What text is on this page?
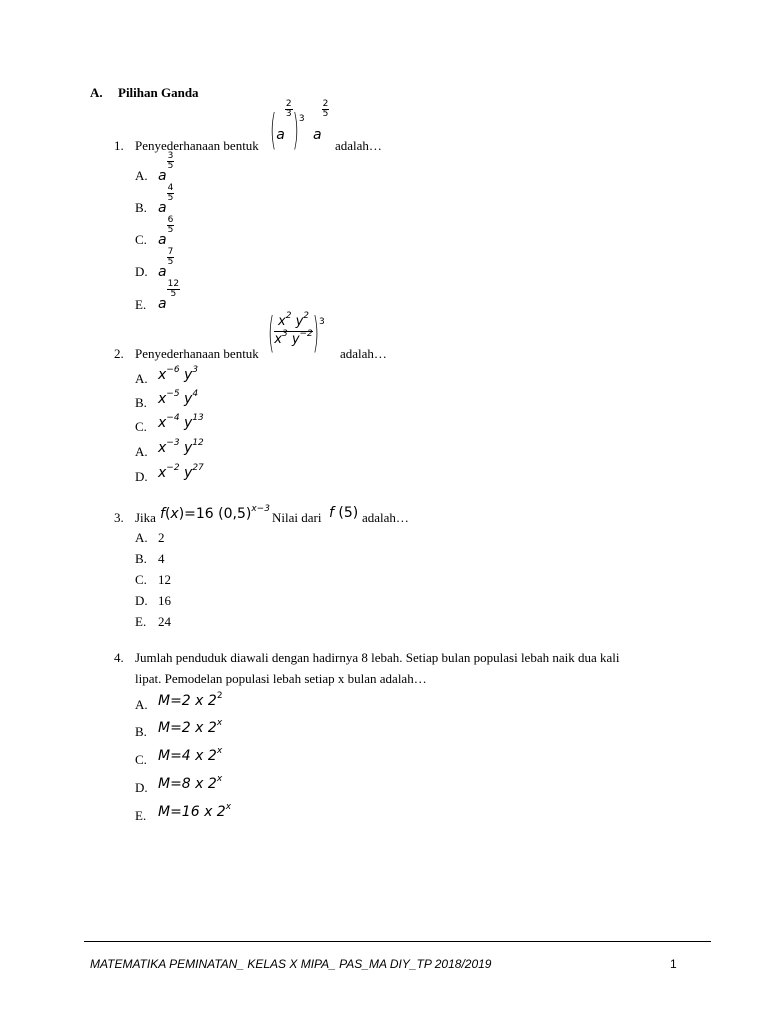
A. Pilihan Ganda
1. Penyederhanaan bentuk (a
$\frac{2}{3} )_3$ a
$\frac{2}{5}$
adalah…
A. a
$\frac{3}{5}$
B. a
$\frac{4}{5}$
C. a
$\frac{6}{5}$
D. a
$\frac{7}{5}$
E. a
$\frac{12}{5}$
2. Penyederhanaan bentuk ( $\frac{x^2 y^2}{x^3 y^{-2}} )^3$
adalah…
A. $x^{-6}$ $y^3$
B. $x^{-5}$ $y^4$
C. $x^{-4}$ $y^{13}$
A. $x^{-3}$ $y^{12}$
D. $x^{-2}$ $y^{27}$
3. Jika f(x)=16 $(0,5)^{x-3}$
Nilai dari f (5) adalah…
A. 2
B. 4
C. 12
D. 16
E. 24
4. Jumlah penduduk diawali dengan hadirnya 8 lebah. Setiap bulan populasi lebah naik dua kali
lipat. Pemodelan populasi lebah setiap x bulan adalah…
A. M=2 x $2^2$
B. M=2 x 2$^x$
C. M=4 x 2$^x$
D. M=8 x 2$^x$
E. M=16 x 2$^x$
MATEMATIKA PEMINATAN_ KELAS X MIPA_ PAS_MA DIY_TP 2018/2019	1
